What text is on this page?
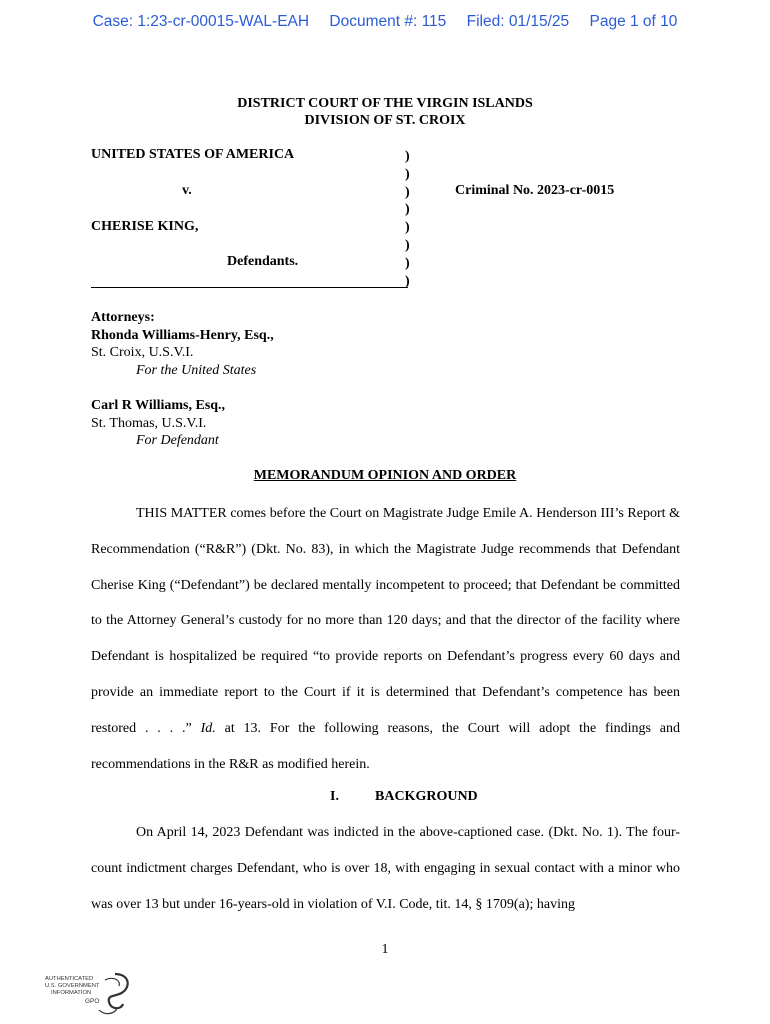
Case: 1:23-cr-00015-WAL-EAH Document #: 115 Filed: 01/15/25 Page 1 of 10
DISTRICT COURT OF THE VIRGIN ISLANDS
DIVISION OF ST. CROIX
UNITED STATES OF AMERICA
v.
CHERISE KING,
Defendants.
)
)
)
)
)
)
)
)
Criminal No. 2023-cr-0015
Attorneys:
Rhonda Williams-Henry, Esq.,
St. Croix, U.S.V.I.
For the United States
Carl R Williams, Esq.,
St. Thomas, U.S.V.I.
For Defendant
MEMORANDUM OPINION AND ORDER

THIS MATTER comes before the Court on Magistrate Judge Emile A. Henderson III’s Report & Recommendation (“R&R”) (Dkt. No. 83), in which the Magistrate Judge recommends that Defendant Cherise King (“Defendant”) be declared mentally incompetent to proceed; that Defendant be committed to the Attorney General’s custody for no more than 120 days; and that the director of the facility where Defendant is hospitalized be required “to provide reports on Defendant’s progress every 60 days and provide an immediate report to the Court if it is determined that Defendant’s competence has been restored . . . .” Id. at 13. For the following reasons, the Court will adopt the findings and recommendations in the R&R as modified herein.

I.	BACKGROUND

On April 14, 2023 Defendant was indicted in the above-captioned case. (Dkt. No. 1). The four-count indictment charges Defendant, who is over 18, with engaging in sexual contact with a minor who was over 13 but under 16-years-old in violation of V.I. Code, tit. 14, § 1709(a); having

1
AUTHENTICATED
U.S. GOVERNMENT
INFORMATION
GPO
